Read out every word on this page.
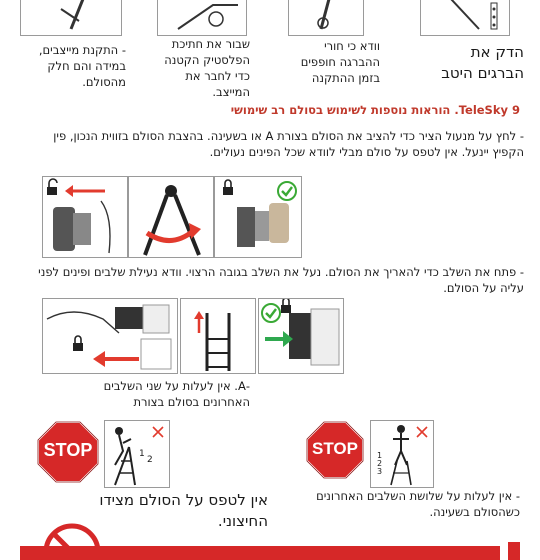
- התקנת מייצבים, במידה והם חלק מהסולם.
שבור את חתיכת הפלסטיק הקטנה כדי לחבר את המייצב.
וודא כי חורי ההברגה חופפים בזמן ההתקנה
הדק את הברגים היטב
TeleSky 9. הוראות נוספות לשימוש בסולם רב שימושי
- לחץ על מנעול הציר כדי להציב את הסולם בצורת A או בשעינה. בהצבת הסולם בזווית הנכון, פין הקפיץ יינעל. אין לטפס על סולם מבלי לוודא שכל הפינים נעולים.
- פתח את השלב כדי להאריך את הסולם. נעל את השלב בגובה הרצוי. וודא נעילת שלבים ופינים לפני עליה על הסולם.
-A. אין לעלות על שני השלבים האחרונים בסולם בצורת
STOP	1
2
STOP	1
2
3
אין לטפס על הסולם מצידו החיצוני.
- אין לעלות על שלושת השלבים האחרונים כשהסולם בשעינה.
